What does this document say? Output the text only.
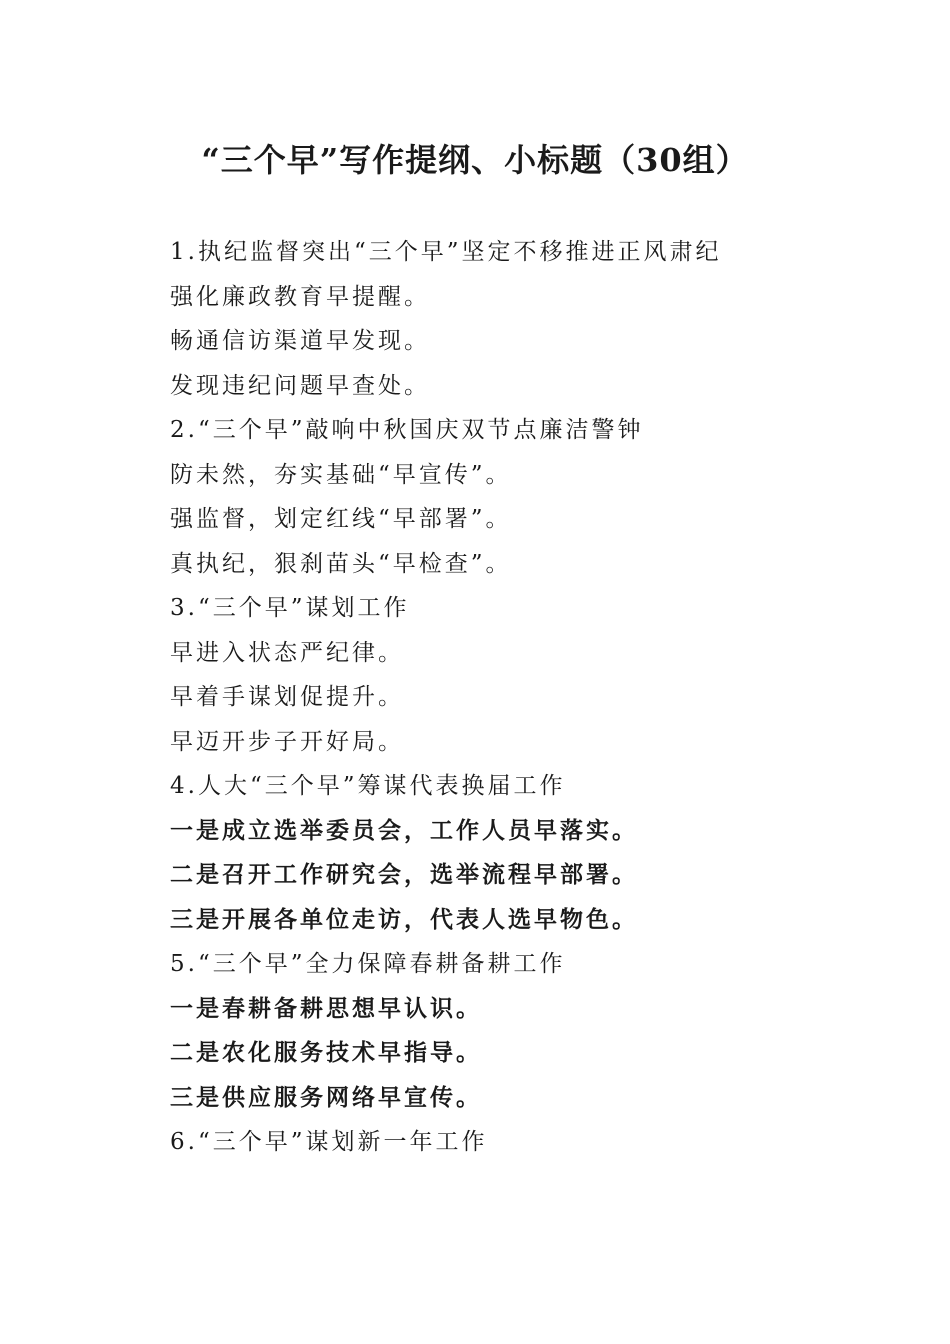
“三个早”写作提纲、小标题（30组）
1.执纪监督突出“三个早”坚定不移推进正风肃纪
强化廉政教育早提醒。
畅通信访渠道早发现。
发现违纪问题早查处。
2.“三个早”敲响中秋国庆双节点廉洁警钟
防未然，夯实基础“早宣传”。
强监督，划定红线“早部署”。
真执纪，狠刹苗头“早检查”。
3.“三个早”谋划工作
早进入状态严纪律。
早着手谋划促提升。
早迈开步子开好局。
4.人大“三个早”筹谋代表换届工作
一是成立选举委员会，工作人员早落实。
二是召开工作研究会，选举流程早部署。
三是开展各单位走访，代表人选早物色。
5.“三个早”全力保障春耕备耕工作
一是春耕备耕思想早认识。
二是农化服务技术早指导。
三是供应服务网络早宣传。
6.“三个早”谋划新一年工作
